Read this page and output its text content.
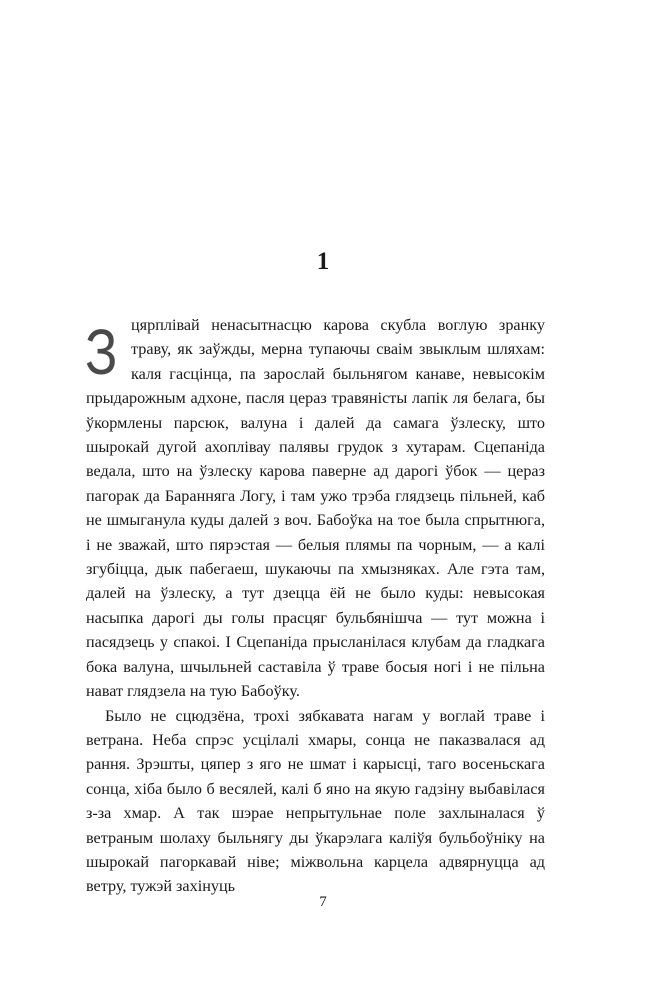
1

Зцярплівай ненасытнасцю карова скубла воглую зранку траву, як заўжды, мерна тупаючы сваім звыклым шляхам: каля гасцінца, па зарослай быльнягом канаве, невысокім прыдарожным адхоне, пасля цераз травяністы лапік ля белага, бы ўкормлены парсюк, валуна і далей да самага ўзлеску, што шырокай дугой ахоплівау палявы грудок з хутарам. Сцепаніда ведала, што на ўзлеску карова паверне ад дарогі ўбок — цераз пагорак да Баранняга Логу, і там ужо трэба глядзець пільней, каб не шмыганула куды далей з воч. Бабоўка на тое была спрытнюга, і не зважай, што пярэстая — белыя плямы па чорным, — а калі згубіцца, дык пабегаеш, шукаючы па хмызняках. Але гэта там, далей на ўзлеску, а тут дзецца ёй не было куды: невысокая насыпка дарогі ды голы прасцяг бульбянішча — тут можна і пасядзець у спакоі. І Сцепаніда прысланілася клубам да гладкага бока валуна, шчыльней саставіла ў траве босыя ногі і не пільна нават глядзела на тую Бабоўку.

Было не сцюдзёна, трохі зябкавата нагам у воглай траве і ветрана. Неба спрэс усцілалі хмары, сонца не паказвалася ад рання. Зрэшты, цяпер з яго не шмат і карысці, таго восеньскага сонца, хіба было б весялей, калі б яно на якую гадзіну выбавілася з-за хмар. А так шэрае непрытульнае поле захлыналася ў ветраным шолаху быльнягу ды ўкарэлага каліўя бульбоўніку на шырокай пагоркавай ніве; міжвольна карцела адвярнуцца ад ветру, тужэй захінуць

7
